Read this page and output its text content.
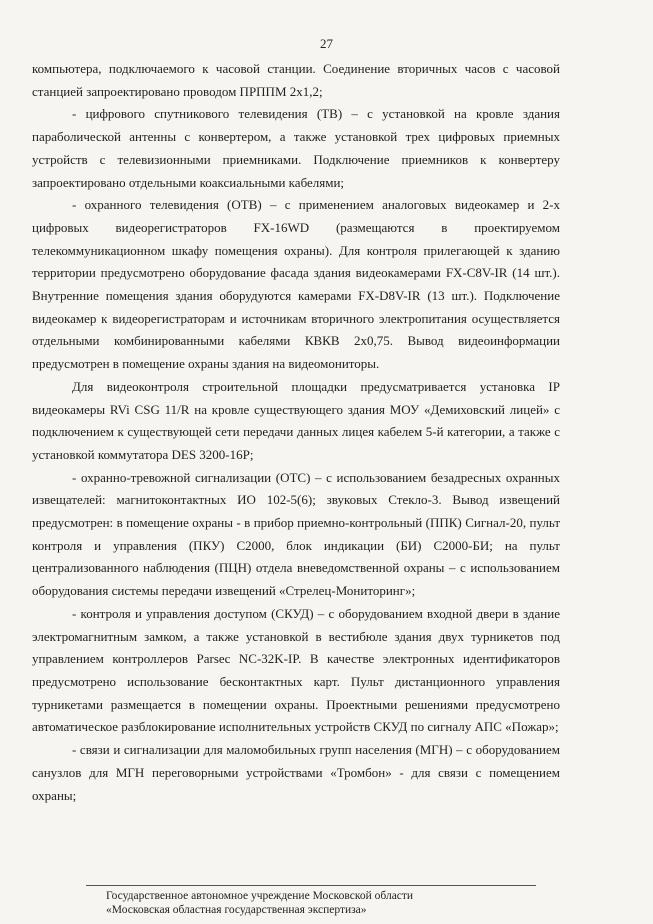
27

компьютера, подключаемого к часовой станции. Соединение вторичных часов с часовой станцией запроектировано проводом ПРППМ 2х1,2;

- цифрового спутникового телевидения (ТВ) – с установкой на кровле здания параболической антенны с конвертером, а также установкой трех цифровых приемных устройств с телевизионными приемниками. Подключение приемников к конвертеру запроектировано отдельными коаксиальными кабелями;

- охранного телевидения (ОТВ) – с применением аналоговых видеокамер и 2-х цифровых видеорегистраторов FX-16WD (размещаются в проектируемом телекоммуникационном шкафу помещения охраны). Для контроля прилегающей к зданию территории предусмотрено оборудование фасада здания видеокамерами FX-C8V-IR (14 шт.). Внутренние помещения здания оборудуются камерами FX-D8V-IR (13 шт.). Подключение видеокамер к видеорегистраторам и источникам вторичного электропитания осуществляется отдельными комбинированными кабелями КВКВ 2х0,75. Вывод видеоинформации предусмотрен в помещение охраны здания на видеомониторы.

Для видеоконтроля строительной площадки предусматривается установка IP видеокамеры RVi CSG 11/R на кровле существующего здания МОУ «Демиховский лицей» с подключением к существующей сети передачи данных лицея кабелем 5-й категории, а также с установкой коммутатора DES 3200-16P;

- охранно-тревожной сигнализации (ОТС) – с использованием безадресных охранных извещателей: магнитоконтактных ИО 102-5(6); звуковых Стекло-3. Вывод извещений предусмотрен: в помещение охраны - в прибор приемно-контрольный (ППК) Сигнал-20, пульт контроля и управления (ПКУ) С2000, блок индикации (БИ) С2000-БИ; на пульт централизованного наблюдения (ПЦН) отдела вневедомственной охраны – с использованием оборудования системы передачи извещений «Стрелец-Мониторинг»;

- контроля и управления доступом (СКУД) – с оборудованием входной двери в здание электромагнитным замком, а также установкой в вестибюле здания двух турникетов под управлением контроллеров Parsec NC-32K-IP. В качестве электронных идентификаторов предусмотрено использование бесконтактных карт. Пульт дистанционного управления турникетами размещается в помещении охраны. Проектными решениями предусмотрено автоматическое разблокирование исполнительных устройств СКУД по сигналу АПС «Пожар»;

- связи и сигнализации для маломобильных групп населения (МГН) – с оборудованием санузлов для МГН переговорными устройствами «Тромбон» - для связи с помещением охраны;

Государственное автономное учреждение Московской области
«Московская областная государственная экспертиза»
